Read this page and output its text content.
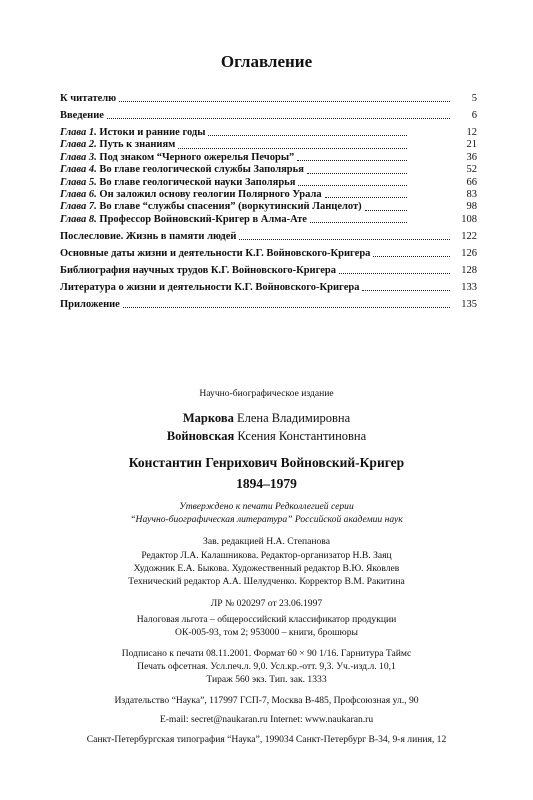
Оглавление
К читателю	5
Введение	6
Глава 1. Истоки и ранние годы	12
Глава 2. Путь к знаниям	21
Глава 3. Под знаком “Черного ожерелья Печоры”	36
Глава 4. Во главе геологической службы Заполярья	52
Глава 5. Во главе геологической науки Заполярья	66
Глава 6. Он заложил основу геологии Полярного Урала	83
Глава 7. Во главе “службы спасения” (воркутинский Ланцелот)	98
Глава 8. Профессор Войновский-Кригер в Алма-Ате	108
Послесловие. Жизнь в памяти людей	122
Основные даты жизни и деятельности К.Г. Войновского-Кригера	126
Библиография научных трудов К.Г. Войновского-Кригера	128
Литература о жизни и деятельности К.Г. Войновского-Кригера	133
Приложение	135
Научно-биографическое издание
Маркова Елена Владимировна
Войновская Ксения Константиновна
Константин Генрихович Войновский-Кригер
1894–1979
Утверждено к печати Редколлегией серии
“Научно-биографическая литература” Российской академии наук
Зав. редакцией Н.А. Степанова
Редактор Л.А. Калашникова. Редактор-организатор Н.В. Заяц
Художник Е.А. Быкова. Художественный редактор В.Ю. Яковлев
Технический редактор А.А. Шелудченко. Корректор В.М. Ракитина
ЛР № 020297 от 23.06.1997
Налоговая льгота – общероссийский классификатор продукции
ОК-005-93, том 2; 953000 – книги, брошюры
Подписано к печати 08.11.2001. Формат 60 × 90 1/16. Гарнитура Таймс
Печать офсетная. Усл.печ.л. 9,0. Усл.кр.-отт. 9,3. Уч.-изд.л. 10,1
Тираж 560 экз. Тип. зак. 1333
Издательство “Наука”, 117997 ГСП-7, Москва В-485, Профсоюзная ул., 90
E-mail: secret@naukaran.ru Internet: www.naukaran.ru
Санкт-Петербургская типография “Наука”, 199034 Санкт-Петербург В-34, 9-я линия, 12
